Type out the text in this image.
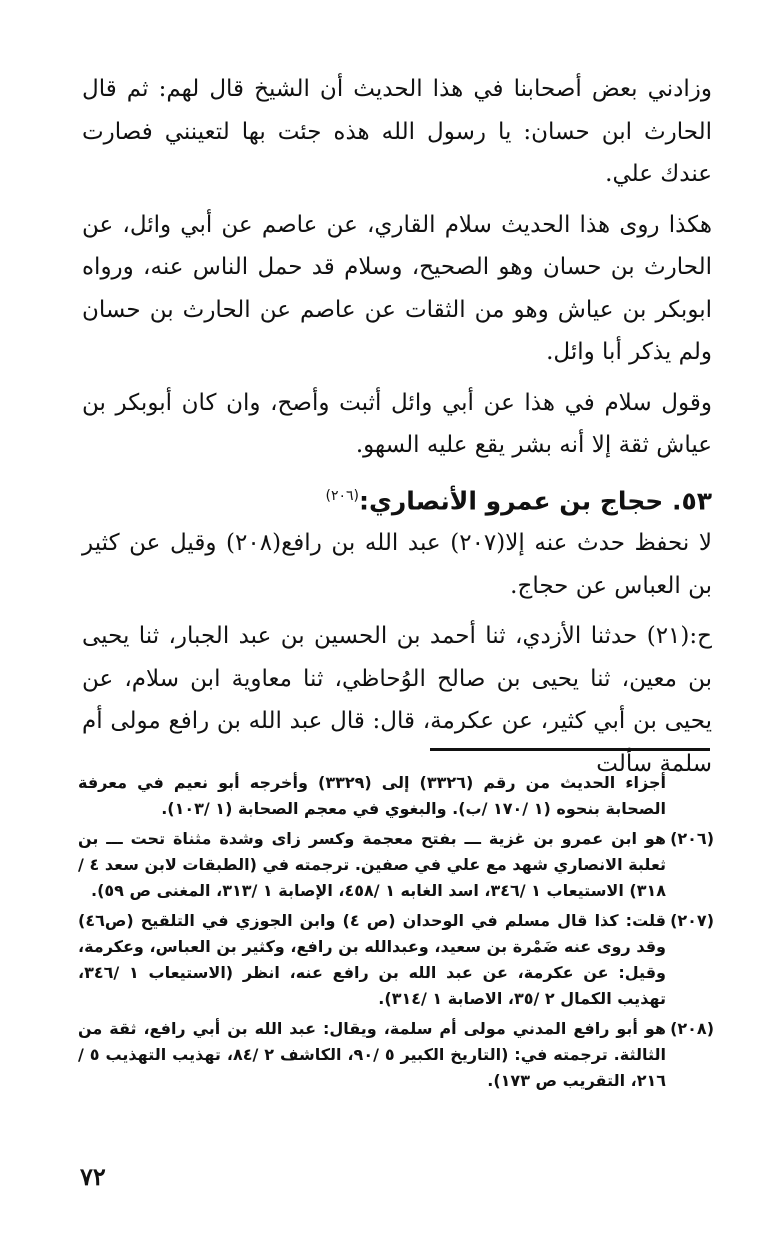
وزادني بعض أصحابنا في هذا الحديث أن الشيخ قال لهم: ثم قال الحارث ابن حسان: يا رسول الله هذه جئت بها لتعينني فصارت عندك علي.

هكذا روى هذا الحديث سلام القاري، عن عاصم عن أبي وائل، عن الحارث بن حسان وهو الصحيح، وسلام قد حمل الناس عنه، ورواه ابوبكر بن عياش وهو من الثقات عن عاصم عن الحارث بن حسان ولم يذكر أبا وائل.

وقول سلام في هذا عن أبي وائل أثبت وأصح، وان كان أبوبكر بن عياش ثقة إلا أنه بشر يقع عليه السهو.

٥٣. حجاج بن عمرو الأنصاري:$^{(٢٠٦)}$

لا نحفظ حدث عنه إلا(٢٠٧) عبد الله بن رافع(٢٠٨) وقيل عن كثير بن العباس عن حجاج.

ح:(٢١) حدثنا الأزدي، ثنا أحمد بن الحسين بن عبد الجبار، ثنا يحيى بن معين، ثنا يحيى بن صالح الوُحاظي، ثنا معاوية ابن سلام، عن يحيى بن أبي كثير، عن عكرمة، قال: قال عبد الله بن رافع مولى أم سلمة سألت

أجزاء الحديث من رقم (٣٣٢٦) إلى (٣٣٢٩) وأخرجه أبو نعيم في معرفة الصحابة بنحوه (١ /١٧٠ /ب). والبغوي في معجم الصحابة (١ /١٠٣).
(٢٠٦)
هو ابن عمرو بن غزية ـــ بفتح معجمة وكسر زاى وشدة مثناة تحت ـــ بن ثعلبة الانصاري شهد مع علي في صفين. ترجمته في (الطبقات لابن سعد ٤ /٣١٨) الاستيعاب ١ /٣٤٦، اسد الغابه ١ /٤٥٨، الإصابة ١ /٣١٣، المغنى ص ٥٩).
(٢٠٧)
قلت: كذا قال مسلم في الوحدان (ص ٤) وابن الجوزي في التلقيح (ص٤٦) وقد روى عنه ضَمْرة بن سعيد، وعبدالله بن رافع، وكثير بن العباس، وعكرمة، وقيل: عن عكرمة، عن عبد الله بن رافع عنه، انظر (الاستيعاب ١ /٣٤٦، تهذيب الكمال ٢ /٣٥، الاصابة ١ /٣١٤).
(٢٠٨)
هو أبو رافع المدني مولى أم سلمة، ويقال: عبد الله بن أبي رافع، ثقة من الثالثة. ترجمته في: (التاريخ الكبير ٥ /٩٠، الكاشف ٢ /٨٤، تهذيب التهذيب ٥ /٢١٦، التقريب ص ١٧٣).
٧٢
